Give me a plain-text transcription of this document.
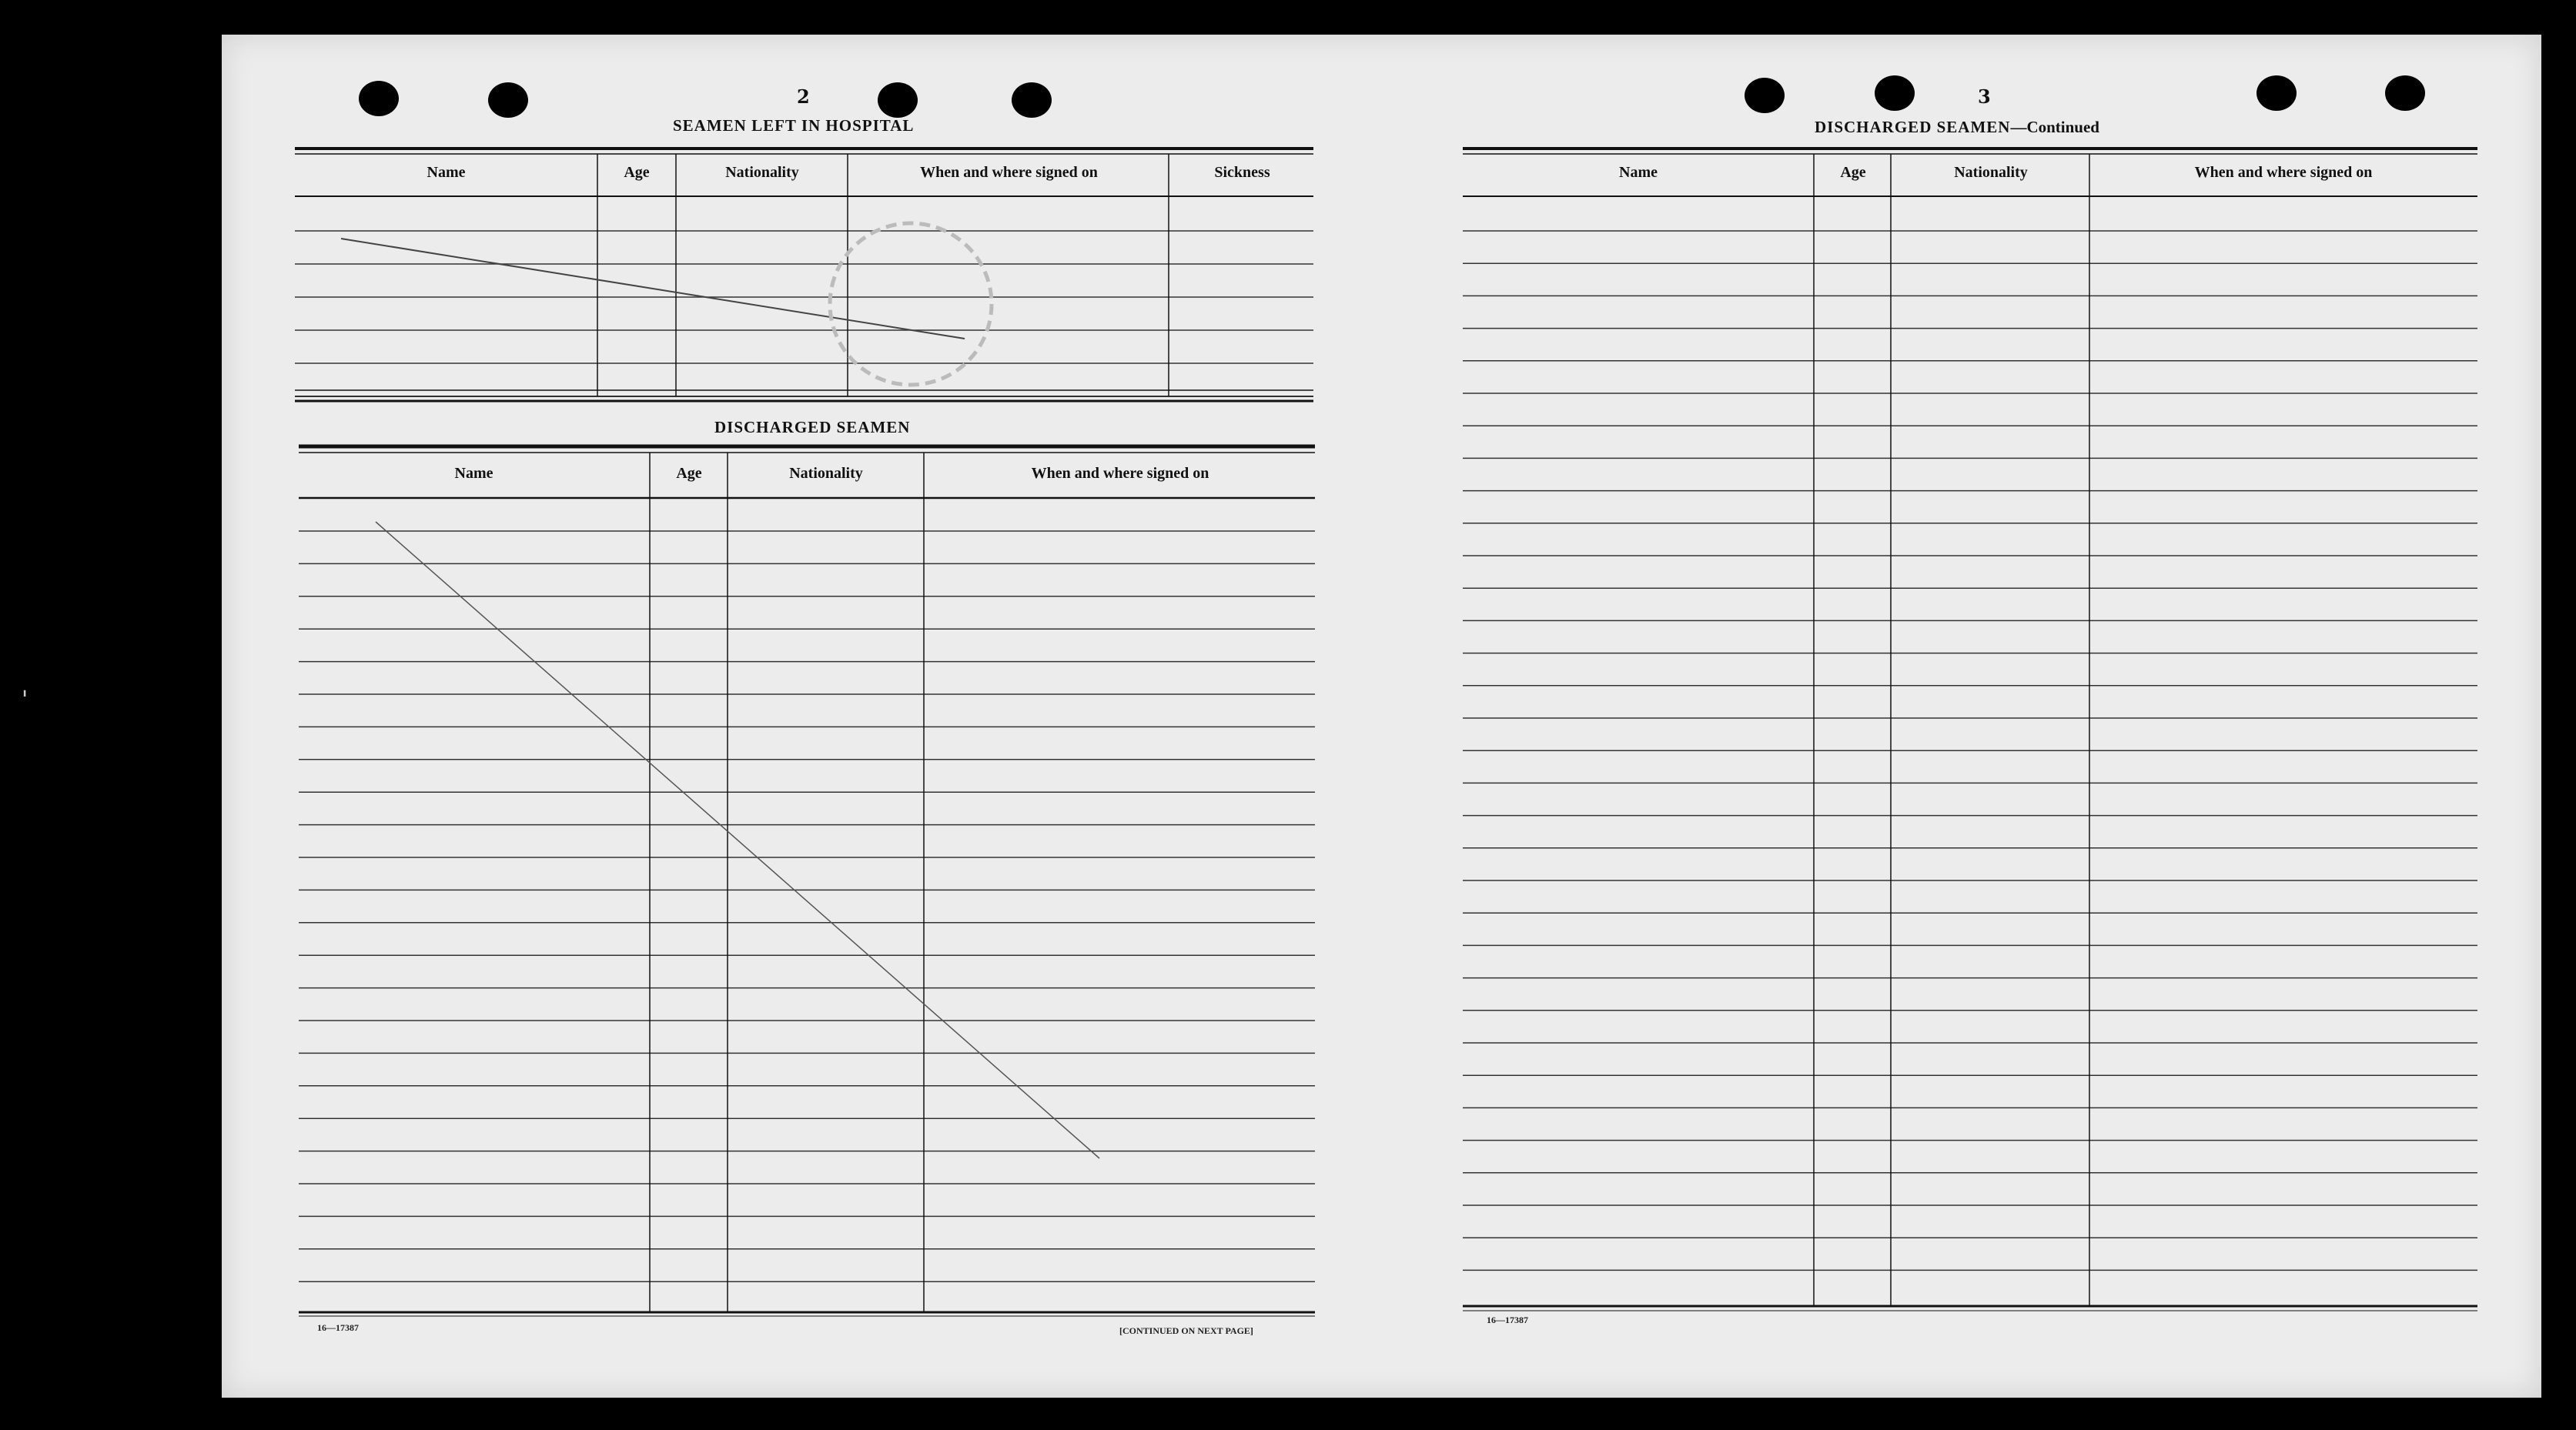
2	3
SEAMEN LEFT IN HOSPITAL
DISCHARGED SEAMEN
DISCHARGED SEAMEN—Continued
Name	Age	Nationality	When and where signed on	Sickness
Name	Age	Nationality	When and where signed on
Name	Age	Nationality	When and where signed on
16—17387	[CONTINUED ON NEXT PAGE]
16—17387
'
